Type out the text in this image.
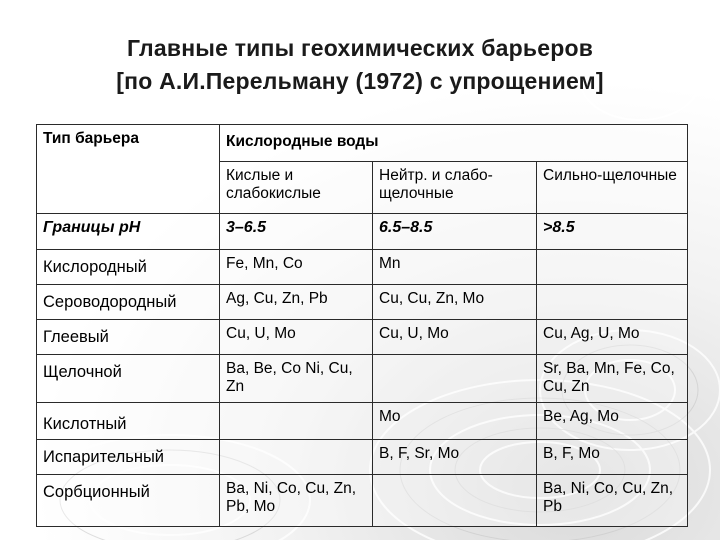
Главные типы геохимических барьеров
[по А.И.Перельману (1972) с упрощением]
Тип барьера	Кислородные воды		
	Кислые и слабокислые	Нейтр. и слабо-щелочные	Сильно-щелочные
Границы pH	3–6.5	6.5–8.5	>8.5
Кислородный	Fe, Mn, Co	Mn	
Сероводородный	Ag, Cu, Zn, Pb	Cu, Cu, Zn, Mo	
Глеевый	Cu, U, Mo	Cu, U, Mo	Cu, Ag, U, Mo
Щелочной	Ba, Be, Co Ni, Cu, Zn		Sr, Ba, Mn, Fe, Co, Cu, Zn
Кислотный		Mo	Be, Ag, Mo
Испарительный		B, F, Sr, Mo	B, F, Mo
Сорбционный	Ba, Ni, Co, Cu, Zn, Pb, Mo		Ba, Ni, Co, Cu, Zn, Pb
